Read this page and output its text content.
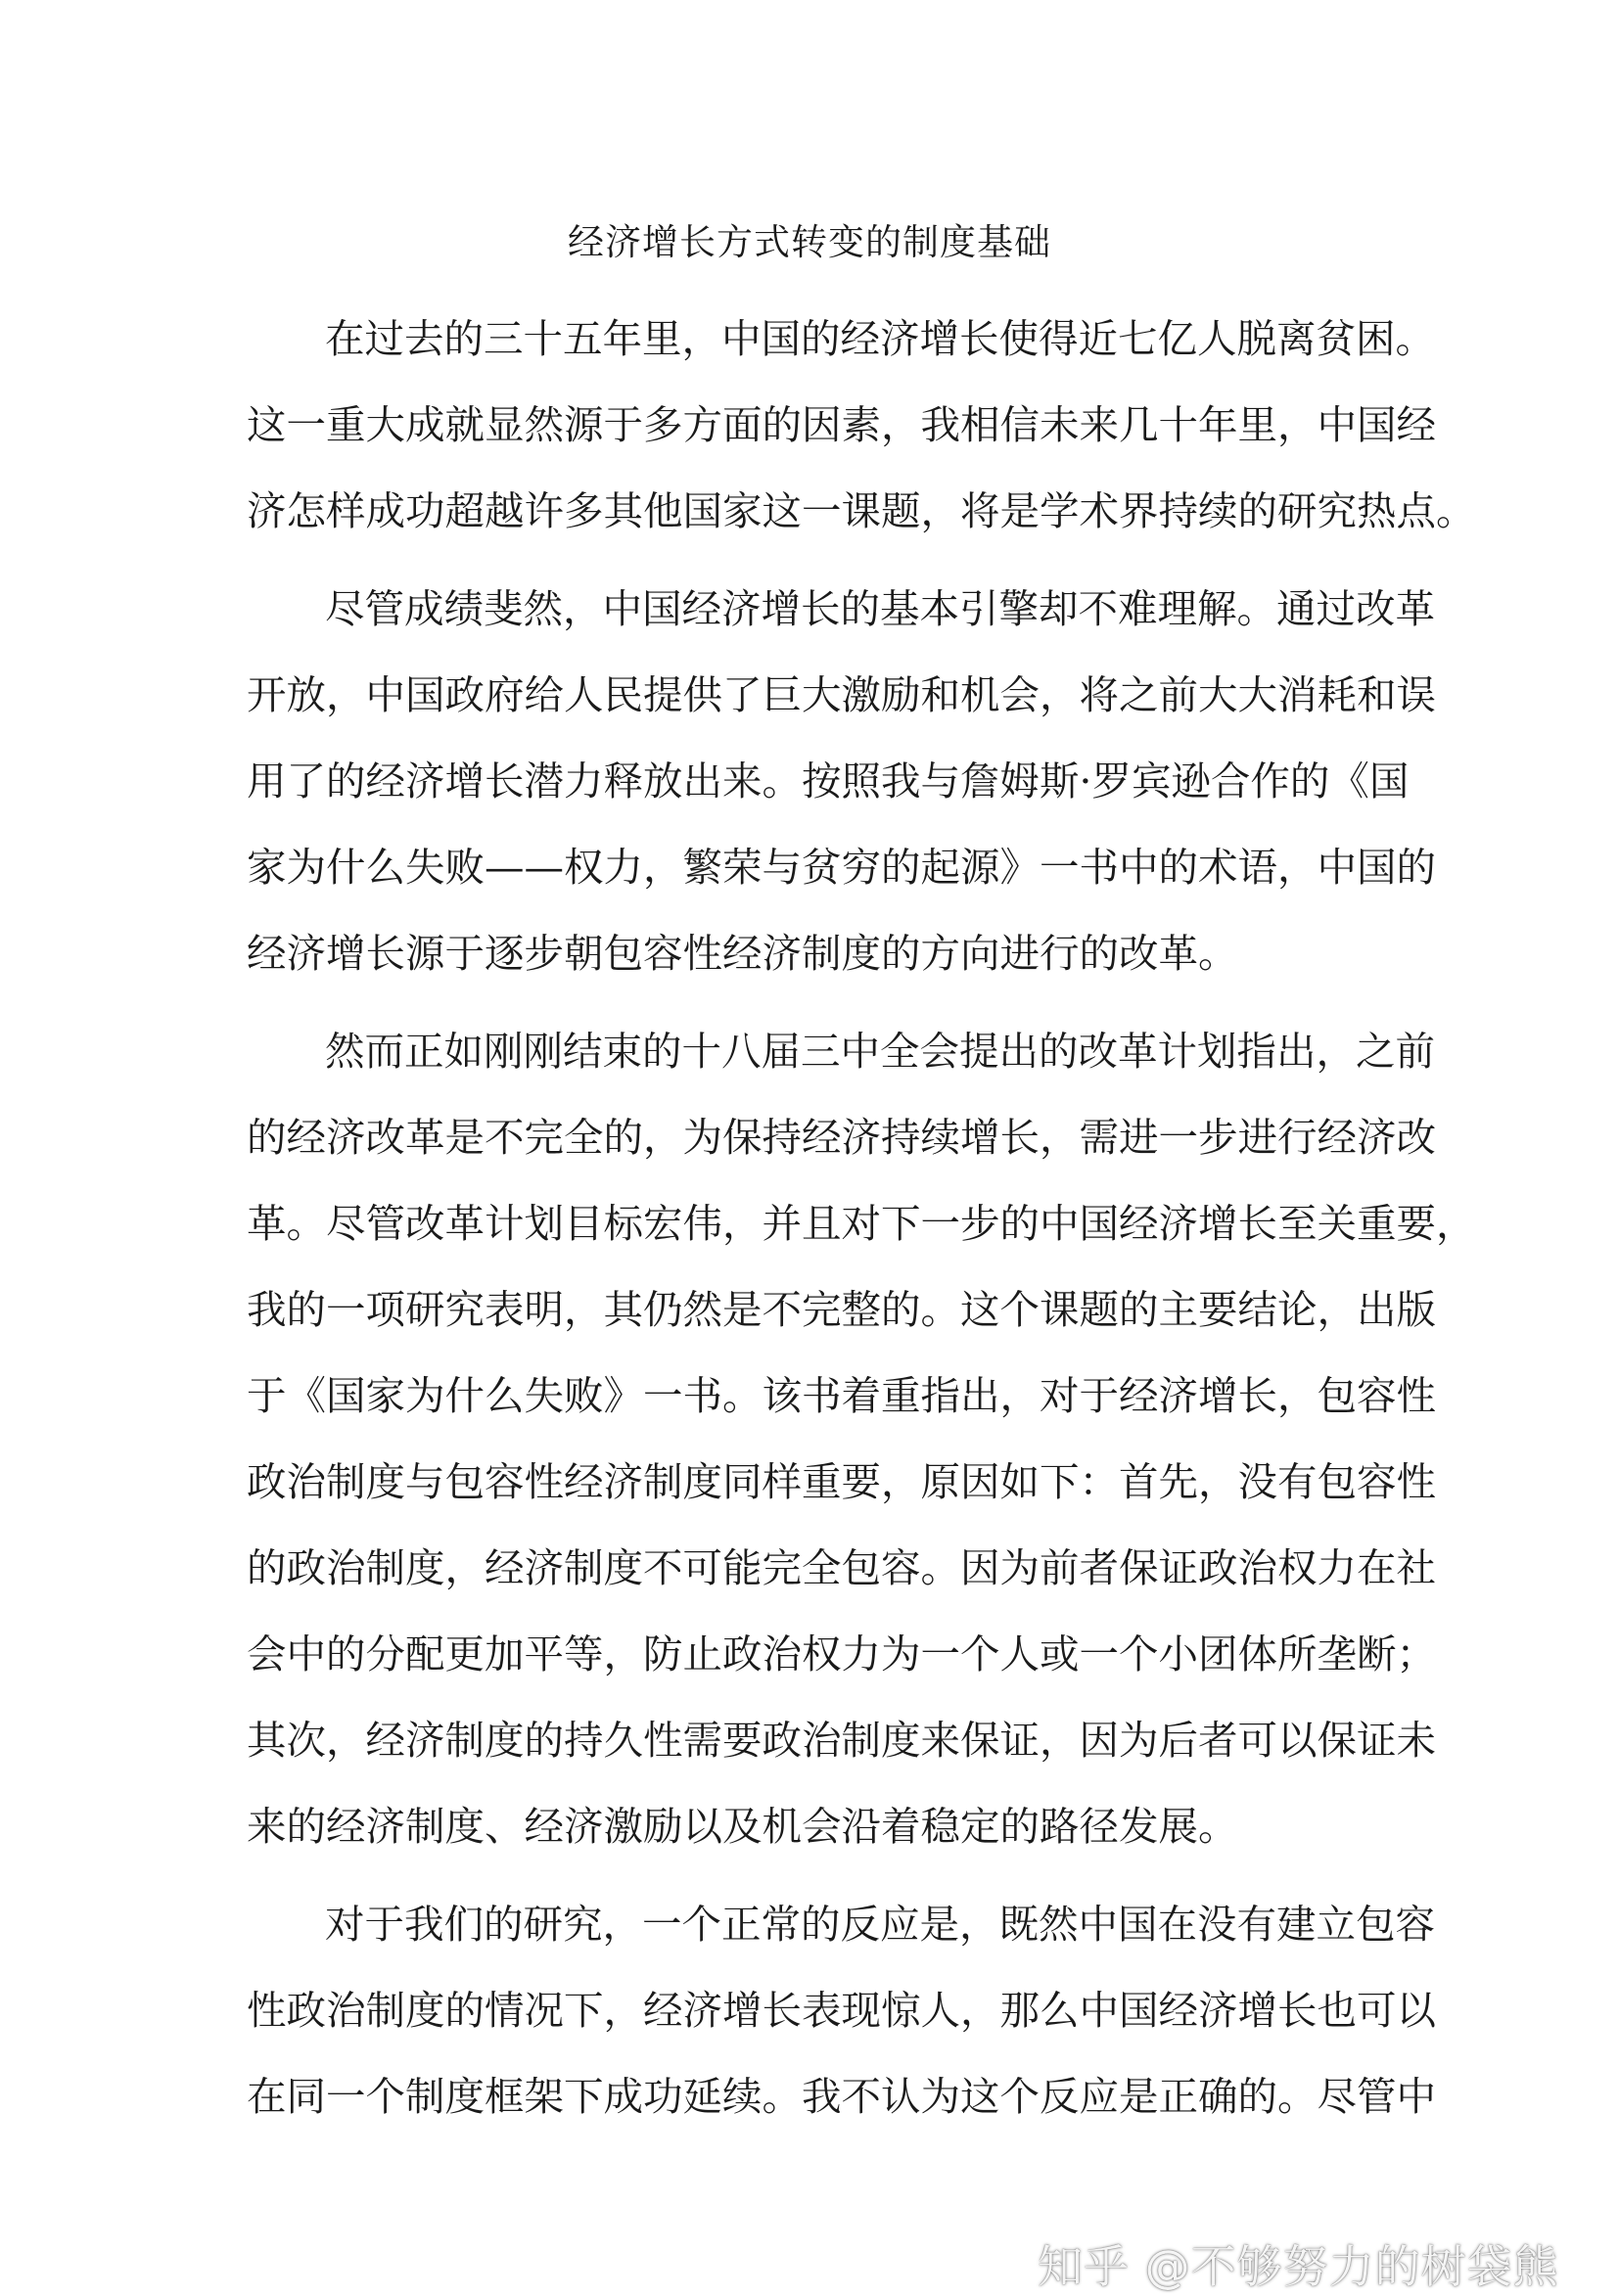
经济增长方式转变的制度基础
在过去的三十五年里，中国的经济增长使得近七亿人脱离贫困。
这一重大成就显然源于多方面的因素，我相信未来几十年里，中国经
济怎样成功超越许多其他国家这一课题，将是学术界持续的研究热点。
尽管成绩斐然，中国经济增长的基本引擎却不难理解。通过改革
开放，中国政府给人民提供了巨大激励和机会，将之前大大消耗和误
用了的经济增长潜力释放出来。按照我与詹姆斯·罗宾逊合作的《国
家为什么失败——权力，繁荣与贫穷的起源》一书中的术语，中国的
经济增长源于逐步朝包容性经济制度的方向进行的改革。
然而正如刚刚结束的十八届三中全会提出的改革计划指出，之前
的经济改革是不完全的，为保持经济持续增长，需进一步进行经济改
革。尽管改革计划目标宏伟，并且对下一步的中国经济增长至关重要，
我的一项研究表明，其仍然是不完整的。这个课题的主要结论，出版
于《国家为什么失败》一书。该书着重指出，对于经济增长，包容性
政治制度与包容性经济制度同样重要，原因如下：首先，没有包容性
的政治制度，经济制度不可能完全包容。因为前者保证政治权力在社
会中的分配更加平等，防止政治权力为一个人或一个小团体所垄断；
其次，经济制度的持久性需要政治制度来保证，因为后者可以保证未
来的经济制度、经济激励以及机会沿着稳定的路径发展。
对于我们的研究，一个正常的反应是，既然中国在没有建立包容
性政治制度的情况下，经济增长表现惊人，那么中国经济增长也可以
在同一个制度框架下成功延续。我不认为这个反应是正确的。尽管中
知乎 @不够努力的树袋熊
